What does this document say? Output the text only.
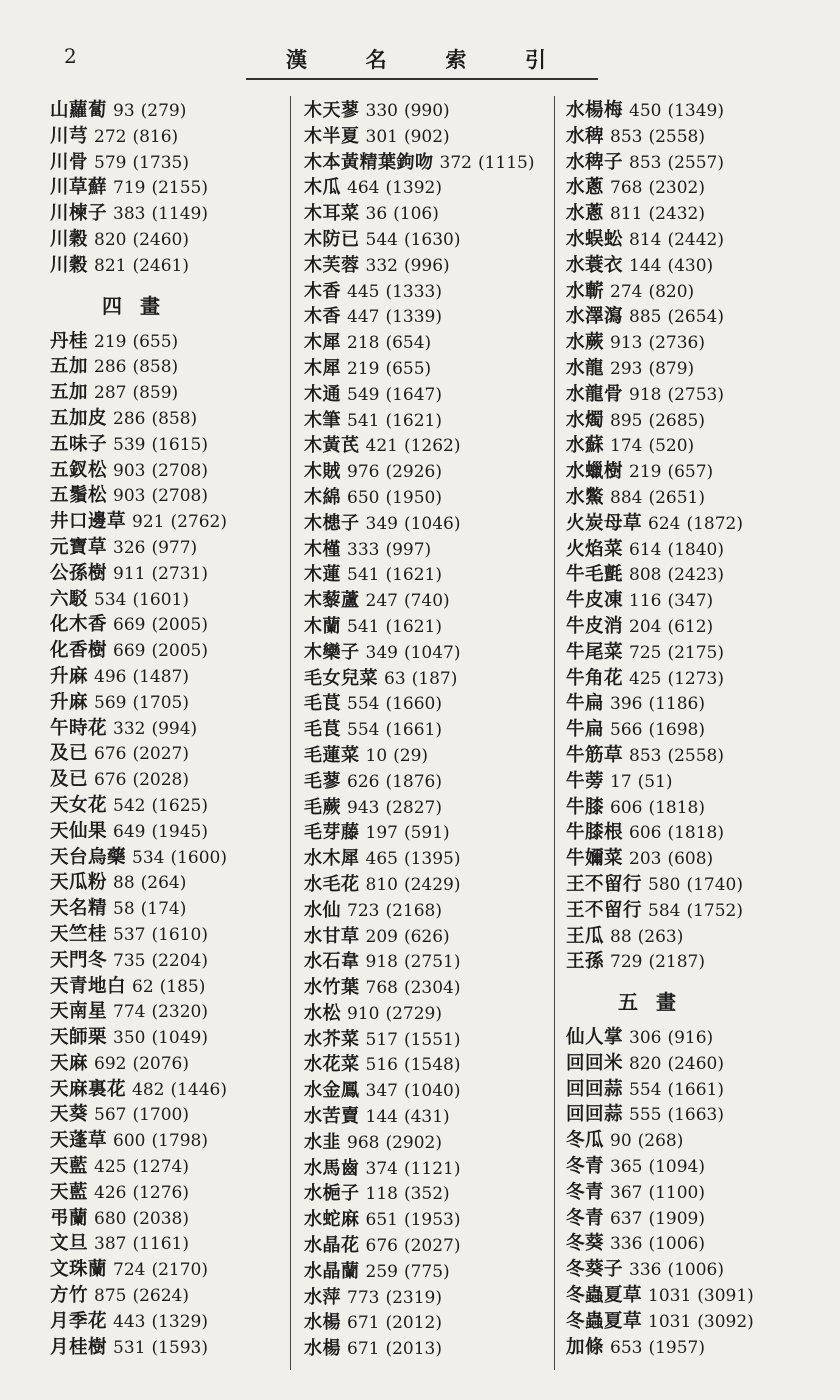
2	漢	名	索	引
山蘿蔔 93 (279)
川芎 272 (816)
川骨 579 (1735)
川草蘚 719 (2155)
川楝子 383 (1149)
川穀 820 (2460)
川穀 821 (2461)
四畫
丹桂 219 (655)
五加 286 (858)
五加 287 (859)
五加皮 286 (858)
五味子 539 (1615)
五釵松 903 (2708)
五鬚松 903 (2708)
井口邊草 921 (2762)
元寶草 326 (977)
公孫樹 911 (2731)
六駁 534 (1601)
化木香 669 (2005)
化香樹 669 (2005)
升麻 496 (1487)
升麻 569 (1705)
午時花 332 (994)
及已 676 (2027)
及已 676 (2028)
天女花 542 (1625)
天仙果 649 (1945)
天台烏藥 534 (1600)
天瓜粉 88 (264)
天名精 58 (174)
天竺桂 537 (1610)
天門冬 735 (2204)
天青地白 62 (185)
天南星 774 (2320)
天師栗 350 (1049)
天麻 692 (2076)
天麻裏花 482 (1446)
天葵 567 (1700)
天蓬草 600 (1798)
天藍 425 (1274)
天藍 426 (1276)
弔蘭 680 (2038)
文旦 387 (1161)
文珠蘭 724 (2170)
方竹 875 (2624)
月季花 443 (1329)
月桂樹 531 (1593)
木天蓼 330 (990)
木半夏 301 (902)
木本黃精葉鉤吻 372 (1115)
木瓜 464 (1392)
木耳菜 36 (106)
木防已 544 (1630)
木芙蓉 332 (996)
木香 445 (1333)
木香 447 (1339)
木犀 218 (654)
木犀 219 (655)
木通 549 (1647)
木筆 541 (1621)
木黃芪 421 (1262)
木賊 976 (2926)
木綿 650 (1950)
木槵子 349 (1046)
木槿 333 (997)
木蓮 541 (1621)
木藜蘆 247 (740)
木蘭 541 (1621)
木欒子 349 (1047)
毛女兒菜 63 (187)
毛茛 554 (1660)
毛茛 554 (1661)
毛蓮菜 10 (29)
毛蓼 626 (1876)
毛蕨 943 (2827)
毛芽藤 197 (591)
水木犀 465 (1395)
水毛花 810 (2429)
水仙 723 (2168)
水甘草 209 (626)
水石韋 918 (2751)
水竹葉 768 (2304)
水松 910 (2729)
水芥菜 517 (1551)
水花菜 516 (1548)
水金鳳 347 (1040)
水苦賣 144 (431)
水韭 968 (2902)
水馬齒 374 (1121)
水梔子 118 (352)
水蛇麻 651 (1953)
水晶花 676 (2027)
水晶蘭 259 (775)
水萍 773 (2319)
水楊 671 (2012)
水楊 671 (2013)
水楊梅 450 (1349)
水稗 853 (2558)
水稗子 853 (2557)
水蔥 768 (2302)
水蔥 811 (2432)
水蜈蚣 814 (2442)
水蓑衣 144 (430)
水蘄 274 (820)
水澤瀉 885 (2654)
水蕨 913 (2736)
水龍 293 (879)
水龍骨 918 (2753)
水燭 895 (2685)
水蘇 174 (520)
水蠟樹 219 (657)
水鱉 884 (2651)
火炭母草 624 (1872)
火焰菜 614 (1840)
牛毛氈 808 (2423)
牛皮凍 116 (347)
牛皮消 204 (612)
牛尾菜 725 (2175)
牛角花 425 (1273)
牛扁 396 (1186)
牛扁 566 (1698)
牛筋草 853 (2558)
牛蒡 17 (51)
牛膝 606 (1818)
牛膝根 606 (1818)
牛嬭菜 203 (608)
王不留行 580 (1740)
王不留行 584 (1752)
王瓜 88 (263)
王孫 729 (2187)
五畫
仙人掌 306 (916)
回回米 820 (2460)
回回蒜 554 (1661)
回回蒜 555 (1663)
冬瓜 90 (268)
冬青 365 (1094)
冬青 367 (1100)
冬青 637 (1909)
冬葵 336 (1006)
冬葵子 336 (1006)
冬蟲夏草 1031 (3091)
冬蟲夏草 1031 (3092)
加條 653 (1957)
